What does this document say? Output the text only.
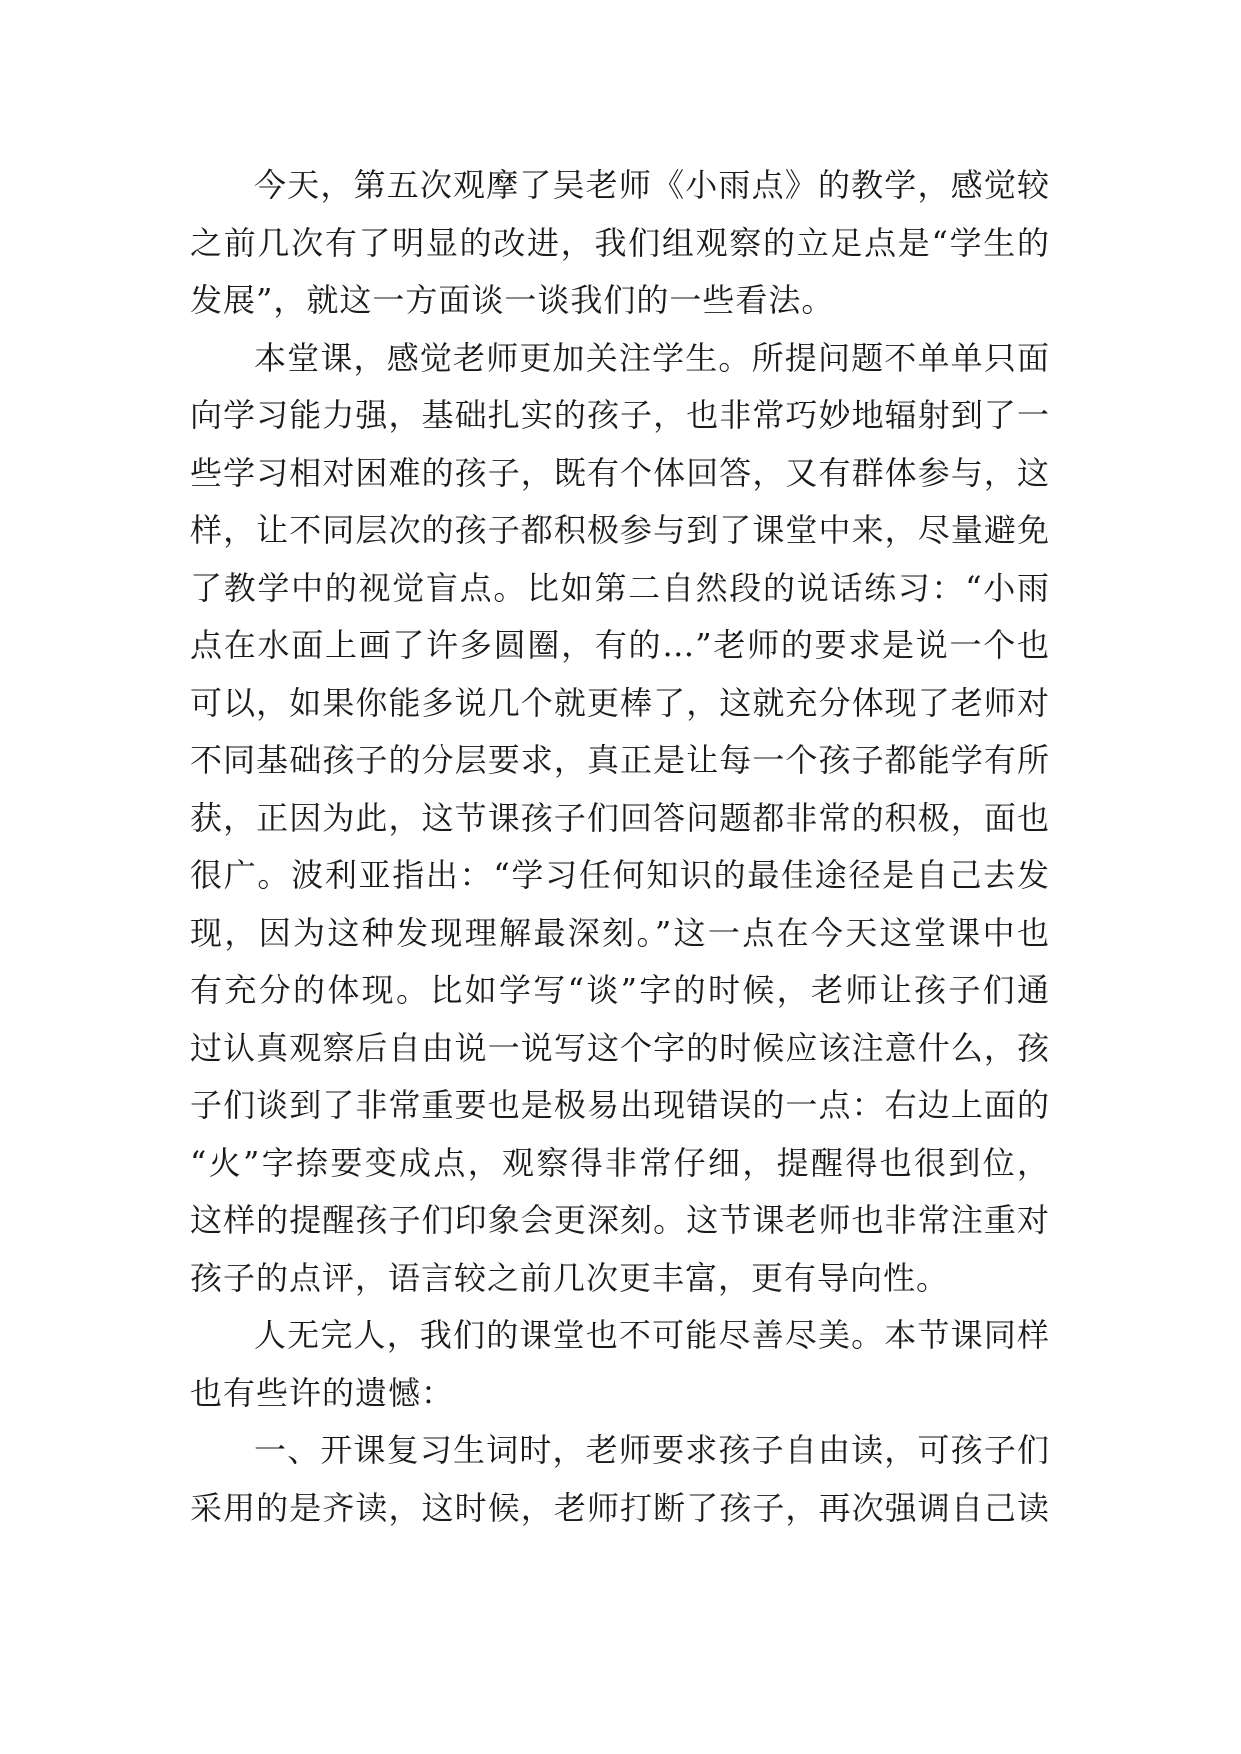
今天，第五次观摩了吴老师《小雨点》的教学，感觉较
之前几次有了明显的改进，我们组观察的立足点是“学生的
发展”，就这一方面谈一谈我们的一些看法。
本堂课，感觉老师更加关注学生。所提问题不单单只面
向学习能力强，基础扎实的孩子，也非常巧妙地辐射到了一
些学习相对困难的孩子，既有个体回答，又有群体参与，这
样，让不同层次的孩子都积极参与到了课堂中来，尽量避免
了教学中的视觉盲点。比如第二自然段的说话练习：“小雨
点在水面上画了许多圆圈，有的…”老师的要求是说一个也
可以，如果你能多说几个就更棒了，这就充分体现了老师对
不同基础孩子的分层要求，真正是让每一个孩子都能学有所
获，正因为此，这节课孩子们回答问题都非常的积极，面也
很广。波利亚指出：“学习任何知识的最佳途径是自己去发
现，因为这种发现理解最深刻。”这一点在今天这堂课中也
有充分的体现。比如学写“谈”字的时候，老师让孩子们通
过认真观察后自由说一说写这个字的时候应该注意什么，孩
子们谈到了非常重要也是极易出现错误的一点：右边上面的
“火”字捺要变成点，观察得非常仔细，提醒得也很到位，
这样的提醒孩子们印象会更深刻。这节课老师也非常注重对
孩子的点评，语言较之前几次更丰富，更有导向性。
人无完人，我们的课堂也不可能尽善尽美。本节课同样
也有些许的遗憾：
一、开课复习生词时，老师要求孩子自由读，可孩子们
采用的是齐读，这时候，老师打断了孩子，再次强调自己读
